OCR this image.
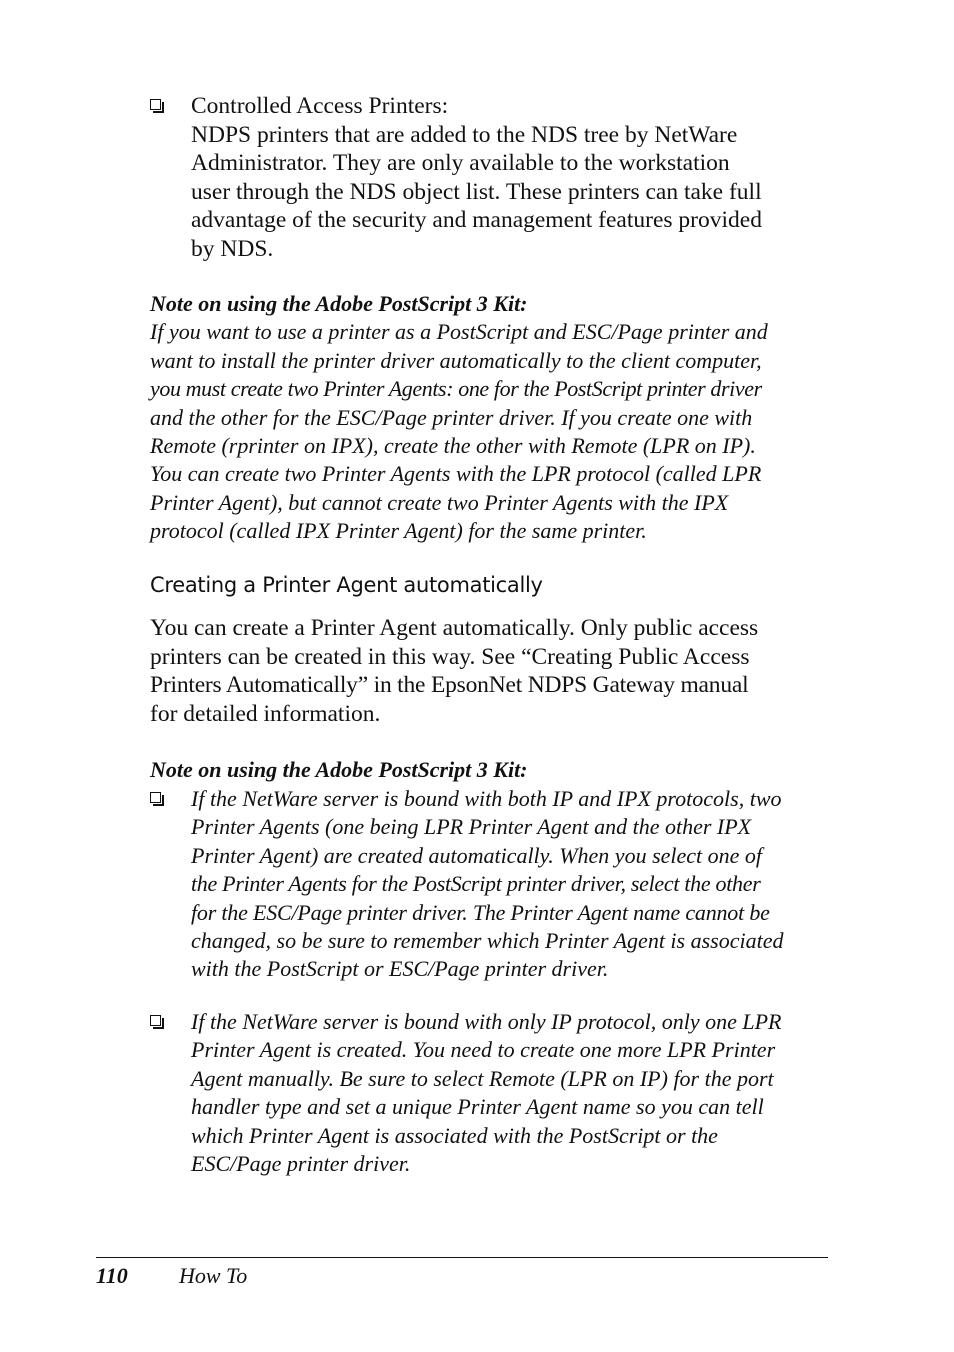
Controlled Access Printers:
NDPS printers that are added to the NDS tree by NetWare
Administrator. They are only available to the workstation
user through the NDS object list. These printers can take full
advantage of the security and management features provided
by NDS.
Note on using the Adobe PostScript 3 Kit:
If you want to use a printer as a PostScript and ESC/Page printer and
want to install the printer driver automatically to the client computer,
you must create two Printer Agents: one for the PostScript printer driver
and the other for the ESC/Page printer driver. If you create one with
Remote (rprinter on IPX), create the other with Remote (LPR on IP).
You can create two Printer Agents with the LPR protocol (called LPR
Printer Agent), but cannot create two Printer Agents with the IPX
protocol (called IPX Printer Agent) for the same printer.
Creating a Printer Agent automatically
You can create a Printer Agent automatically. Only public access
printers can be created in this way. See “Creating Public Access
Printers Automatically” in the EpsonNet NDPS Gateway manual
for detailed information.
Note on using the Adobe PostScript 3 Kit:
If the NetWare server is bound with both IP and IPX protocols, two
Printer Agents (one being LPR Printer Agent and the other IPX
Printer Agent) are created automatically. When you select one of
the Printer Agents for the PostScript printer driver, select the other
for the ESC/Page printer driver. The Printer Agent name cannot be
changed, so be sure to remember which Printer Agent is associated
with the PostScript or ESC/Page printer driver.
If the NetWare server is bound with only IP protocol, only one LPR
Printer Agent is created. You need to create one more LPR Printer
Agent manually. Be sure to select Remote (LPR on IP) for the port
handler type and set a unique Printer Agent name so you can tell
which Printer Agent is associated with the PostScript or the
ESC/Page printer driver.
110 How To
